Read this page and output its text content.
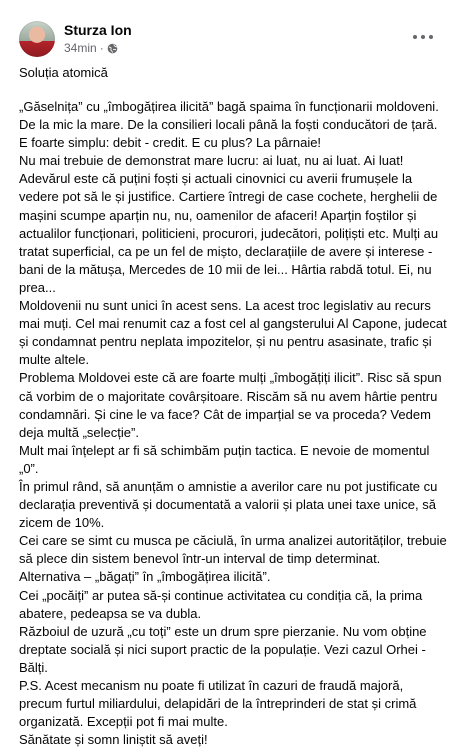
Sturza Ion
34min ·
Soluția atomică

„Găselnița” cu „îmbogățirea ilicită” bagă spaima în funcționarii moldoveni. De la mic la mare. De la consilieri locali până la foști conducători de țară.

E foarte simplu: debit - credit. E cu plus? La pârnaie!

Nu mai trebuie de demonstrat mare lucru: ai luat, nu ai luat. Ai luat!

Adevărul este că puțini foști și actuali cinovnici cu averii frumușele la vedere pot să le și justifice. Cartiere întregi de case cochete, herghelii de mașini scumpe aparțin nu, nu, oamenilor de afaceri! Aparțin foștilor și actualilor funcționari, politicieni, procurori, judecători, polițiști etc. Mulți au tratat superficial, ca pe un fel de mișto, declarațiile de avere și interese - bani de la mătușa, Mercedes de 10 mii de lei... Hârtia rabdă totul. Ei, nu prea...

Moldovenii nu sunt unici în acest sens. La acest troc legislativ au recurs mai muți. Cel mai renumit caz a fost cel al gangsterului Al Capone, judecat și condamnat pentru neplata impozitelor, și nu pentru asasinate, trafic și multe altele.

Problema Moldovei este că are foarte mulți „îmbogățiți ilicit”. Risc să spun că vorbim de o majoritate covârșitoare. Riscăm să nu avem hârtie pentru condamnări. Și cine le va face? Cât de imparțial se va proceda? Vedem deja multă „selecție”.

Mult mai înțelept ar fi să schimbăm puțin tactica. E nevoie de momentul „0”.

În primul rând, să anunțăm o amnistie a averilor care nu pot justificate cu declarația preventivă și documentată a valorii și plata unei taxe unice, să zicem de 10%.

Cei care se simt cu musca pe căciulă, în urma analizei autorităților, trebuie să plece din sistem benevol într-un interval de timp determinat.

Alternativa – „băgați” în „îmbogățirea ilicită”.

Cei „pocăiți” ar putea să-și continue activitatea cu condiția că, la prima abatere, pedeapsa se va dubla.

Războiul de uzură „cu toți” este un drum spre pierzanie. Nu vom obține dreptate socială și nici suport practic de la populație. Vezi cazul Orhei - Bălți.

P.S. Acest mecanism nu poate fi utilizat în cazuri de fraudă majoră, precum furtul miliardului, delapidări de la întreprinderi de stat și crimă organizată. Excepții pot fi mai multe.

Sănătate și somn liniștit să aveți!
